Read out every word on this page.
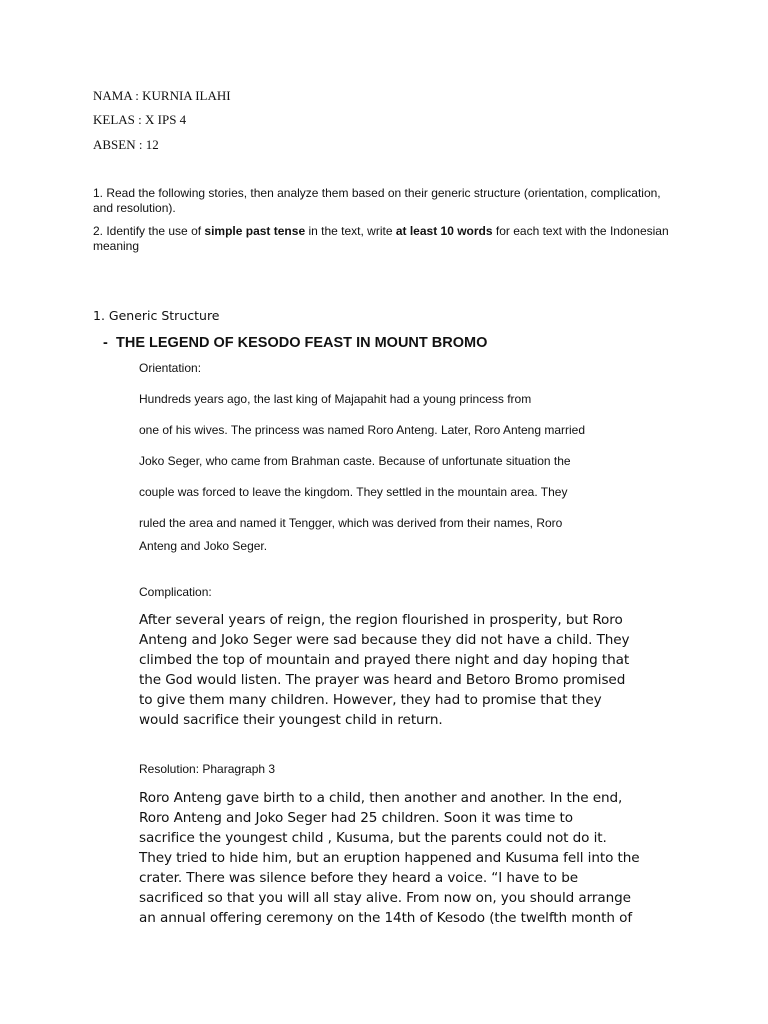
NAMA : KURNIA ILAHI
KELAS : X IPS 4
ABSEN : 12
1. Read the following stories, then analyze them based on their generic structure (orientation, complication, and resolution).
2. Identify the use of simple past tense in the text, write at least 10 words for each text with the Indonesian meaning
1. Generic Structure
- THE LEGEND OF KESODO FEAST IN MOUNT BROMO
Orientation:
Hundreds years ago, the last king of Majapahit had a young princess from
one of his wives. The princess was named Roro Anteng. Later, Roro Anteng married
Joko Seger, who came from Brahman caste. Because of unfortunate situation the
couple was forced to leave the kingdom. They settled in the mountain area. They
ruled the area and named it Tengger, which was derived from their names, Roro
Anteng and Joko Seger.
Complication:
After several years of reign, the region flourished in prosperity, but Roro
Anteng and Joko Seger were sad because they did not have a child. They
climbed the top of mountain and prayed there night and day hoping that
the God would listen. The prayer was heard and Betoro Bromo promised
to give them many children. However, they had to promise that they
would sacrifice their youngest child in return.
Resolution: Pharagraph 3
Roro Anteng gave birth to a child, then another and another. In the end,
Roro Anteng and Joko Seger had 25 children. Soon it was time to
sacrifice the youngest child , Kusuma, but the parents could not do it.
They tried to hide him, but an eruption happened and Kusuma fell into the
crater. There was silence before they heard a voice. “I have to be
sacrificed so that you will all stay alive. From now on, you should arrange
an annual offering ceremony on the 14th of Kesodo (the twelfth month of
